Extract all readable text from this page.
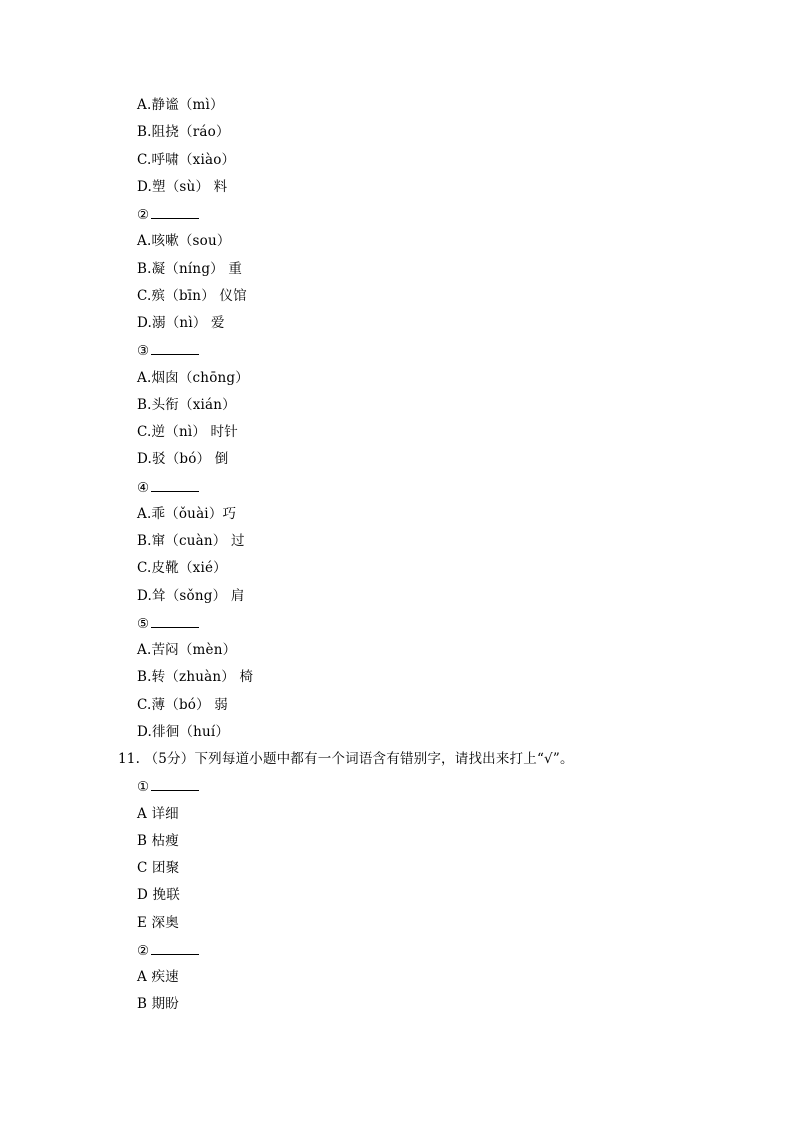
A.静谧（mì）
B.阻挠（ráo）
C.呼啸（xiào）
D.塑（sù） 料
②
A.咳嗽（sou）
B.凝（níng） 重
C.殡（bīn） 仪馆
D.溺（nì） 爱
③
A.烟囱（chōng）
B.头衔（xián）
C.逆（nì） 时针
D.驳（bó） 倒
④
A.乖（ǒuài）巧
B.窜（cuàn） 过
C.皮靴（xié）
D.耸（sǒng） 肩
⑤
A.苦闷（mèn）
B.转（zhuàn） 椅
C.薄（bó） 弱
D.徘徊（huí）
11. （5分）下列每道小题中都有一个词语含有错别字，请找出来打上“√”。
①
A 详细
B 枯瘦
C 团聚
D 挽联
E 深奥
②
A 疾速
B 期盼
